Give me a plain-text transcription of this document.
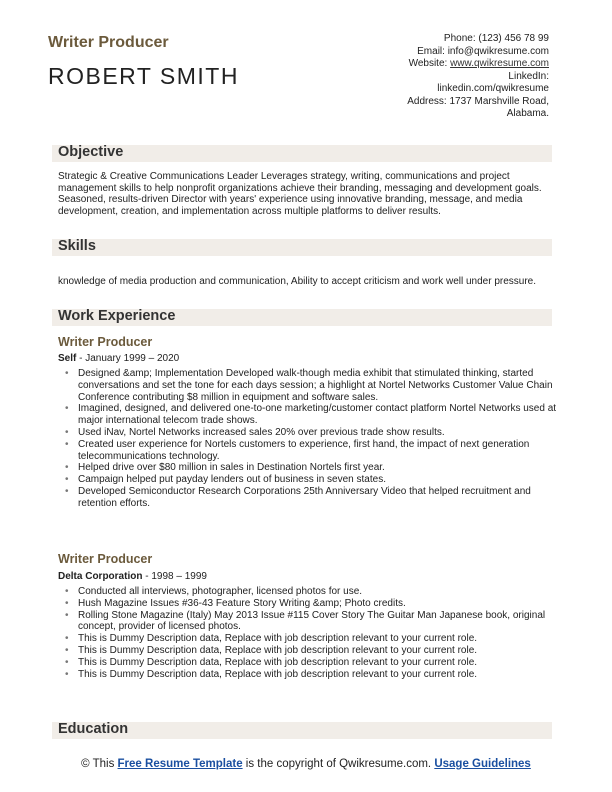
Writer Producer
ROBERT SMITH
Phone: (123) 456 78 99
Email: info@qwikresume.com
Website: www.qwikresume.com
LinkedIn:
linkedin.com/qwikresume
Address: 1737 Marshville Road,
Alabama.
Objective
Strategic & Creative Communications Leader Leverages strategy, writing, communications and project management skills to help nonprofit organizations achieve their branding, messaging and development goals. Seasoned, results-driven Director with years' experience using innovative branding, message, and media development, creation, and implementation across multiple platforms to deliver results.
Skills
knowledge of media production and communication, Ability to accept criticism and work well under pressure.
Work Experience
Writer Producer
Self - January 1999 – 2020
• Designed &amp; Implementation Developed walk-though media exhibit that stimulated thinking, started conversations and set the tone for each days session; a highlight at Nortel Networks Customer Value Chain Conference contributing $8 million in equipment and software sales.
• Imagined, designed, and delivered one-to-one marketing/customer contact platform Nortel Networks used at major international telecom trade shows.
• Used iNav, Nortel Networks increased sales 20% over previous trade show results.
• Created user experience for Nortels customers to experience, first hand, the impact of next generation telecommunications technology.
• Helped drive over $80 million in sales in Destination Nortels first year.
• Campaign helped put payday lenders out of business in seven states.
• Developed Semiconductor Research Corporations 25th Anniversary Video that helped recruitment and retention efforts.
Writer Producer
Delta Corporation - 1998 – 1999
• Conducted all interviews, photographer, licensed photos for use.
• Hush Magazine Issues #36-43 Feature Story Writing &amp; Photo credits.
• Rolling Stone Magazine (Italy) May 2013 Issue #115 Cover Story The Guitar Man Japanese book, original concept, provider of licensed photos.
• This is Dummy Description data, Replace with job description relevant to your current role.
• This is Dummy Description data, Replace with job description relevant to your current role.
• This is Dummy Description data, Replace with job description relevant to your current role.
• This is Dummy Description data, Replace with job description relevant to your current role.
Education
© This Free Resume Template is the copyright of Qwikresume.com. Usage Guidelines
